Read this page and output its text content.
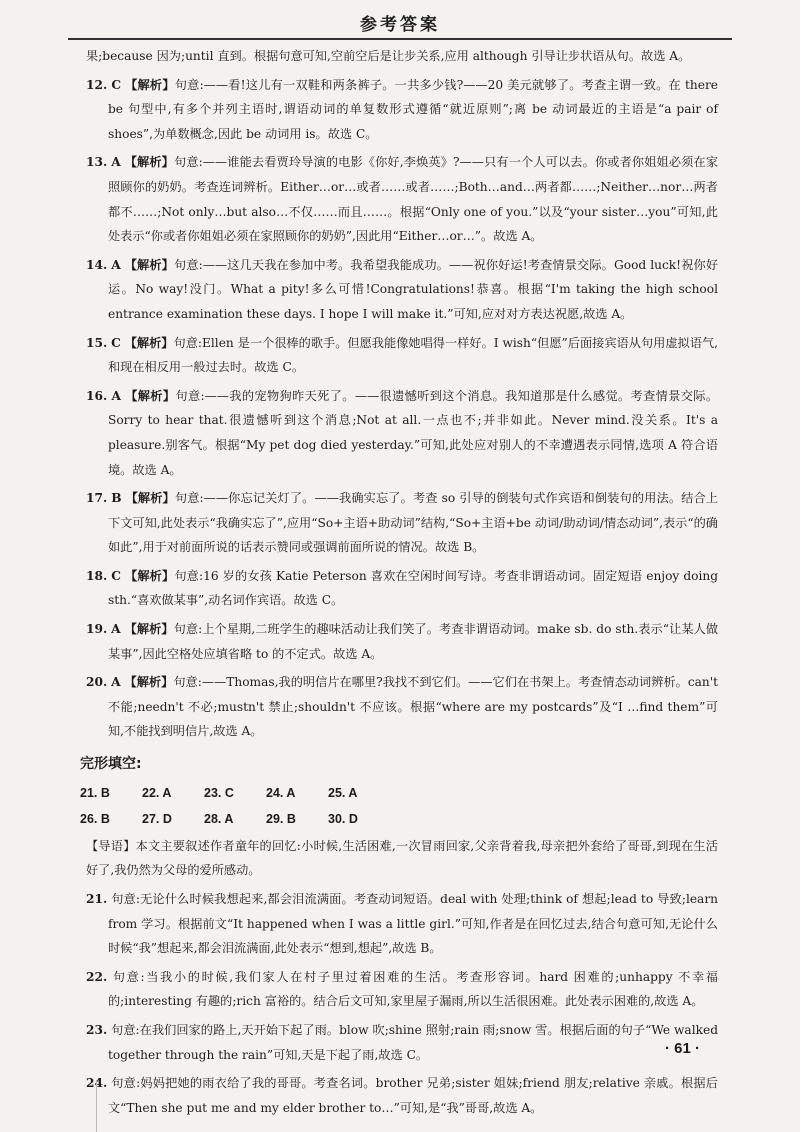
参考答案

果;because 因为;until 直到。根据句意可知,空前空后是让步关系,应用 although 引导让步状语从句。故选 A。

12. C 【解析】句意:——看!这儿有一双鞋和两条裤子。一共多少钱?——20 美元就够了。考查主谓一致。在 there be 句型中,有多个并列主语时,谓语动词的单复数形式遵循“就近原则”;离 be 动词最近的主语是“a pair of shoes”,为单数概念,因此 be 动词用 is。故选 C。

13. A 【解析】句意:——谁能去看贾玲导演的电影《你好,李焕英》?——只有一个人可以去。你或者你姐姐必须在家照顾你的奶奶。考查连词辨析。Either…or…或者……或者……;Both…and…两者都……;Neither…nor…两者都不……;Not only…but also…不仅……而且……。根据“Only one of you.”以及“your sister…you”可知,此处表示“你或者你姐姐必须在家照顾你的奶奶”,因此用“Either…or…”。故选 A。

14. A 【解析】句意:——这几天我在参加中考。我希望我能成功。——祝你好运!考查情景交际。Good luck!祝你好运。No way!没门。What a pity!多么可惜!Congratulations!恭喜。根据“I'm taking the high school entrance examination these days. I hope I will make it.”可知,应对对方表达祝愿,故选 A。

15. C 【解析】句意:Ellen 是一个很棒的歌手。但愿我能像她唱得一样好。I wish“但愿”后面接宾语从句用虚拟语气,和现在相反用一般过去时。故选 C。

16. A 【解析】句意:——我的宠物狗昨天死了。——很遗憾听到这个消息。我知道那是什么感觉。考查情景交际。Sorry to hear that.很遗憾听到这个消息;Not at all.一点也不;并非如此。Never mind.没关系。It's a pleasure.别客气。根据“My pet dog died yesterday.”可知,此处应对别人的不幸遭遇表示同情,选项 A 符合语境。故选 A。

17. B 【解析】句意:——你忘记关灯了。——我确实忘了。考查 so 引导的倒装句式作宾语和倒装句的用法。结合上下文可知,此处表示“我确实忘了”,应用“So+主语+助动词”结构,“So+主语+be 动词/助动词/情态动词”,表示“的确如此”,用于对前面所说的话表示赞同或强调前面所说的情况。故选 B。

18. C 【解析】句意:16 岁的女孩 Katie Peterson 喜欢在空闲时间写诗。考查非谓语动词。固定短语 enjoy doing sth.“喜欢做某事”,动名词作宾语。故选 C。

19. A 【解析】句意:上个星期,二班学生的趣味活动让我们笑了。考查非谓语动词。make sb. do sth.表示“让某人做某事”,因此空格处应填省略 to 的不定式。故选 A。

20. A 【解析】句意:——Thomas,我的明信片在哪里?我找不到它们。——它们在书架上。考查情态动词辨析。can't 不能;needn't 不必;mustn't 禁止;shouldn't 不应该。根据“where are my postcards”及“I …find them”可知,不能找到明信片,故选 A。

完形填空:
21. B	22. A	23. C	24. A	25. A
26. B	27. D	28. A	29. B	30. D

【导语】本文主要叙述作者童年的回忆:小时候,生活困难,一次冒雨回家,父亲背着我,母亲把外套给了哥哥,到现在生活好了,我仍然为父母的爱所感动。

21. 句意:无论什么时候我想起来,都会泪流满面。考查动词短语。deal with 处理;think of 想起;lead to 导致;learn from 学习。根据前文“It happened when I was a little girl.”可知,作者是在回忆过去,结合句意可知,无论什么时候“我”想起来,都会泪流满面,此处表示“想到,想起”,故选 B。

22. 句意:当我小的时候,我们家人在村子里过着困难的生活。考查形容词。hard 困难的;unhappy 不幸福的;interesting 有趣的;rich 富裕的。结合后文可知,家里屋子漏雨,所以生活很困难。此处表示困难的,故选 A。

23. 句意:在我们回家的路上,天开始下起了雨。blow 吹;shine 照射;rain 雨;snow 雪。根据后面的句子“We walked together through the rain”可知,天是下起了雨,故选 C。

24. 句意:妈妈把她的雨衣给了我的哥哥。考查名词。brother 兄弟;sister 姐妹;friend 朋友;relative 亲戚。根据后文“Then she put me and my elder brother to…”可知,是“我”哥哥,故选 A。

· 61 ·
